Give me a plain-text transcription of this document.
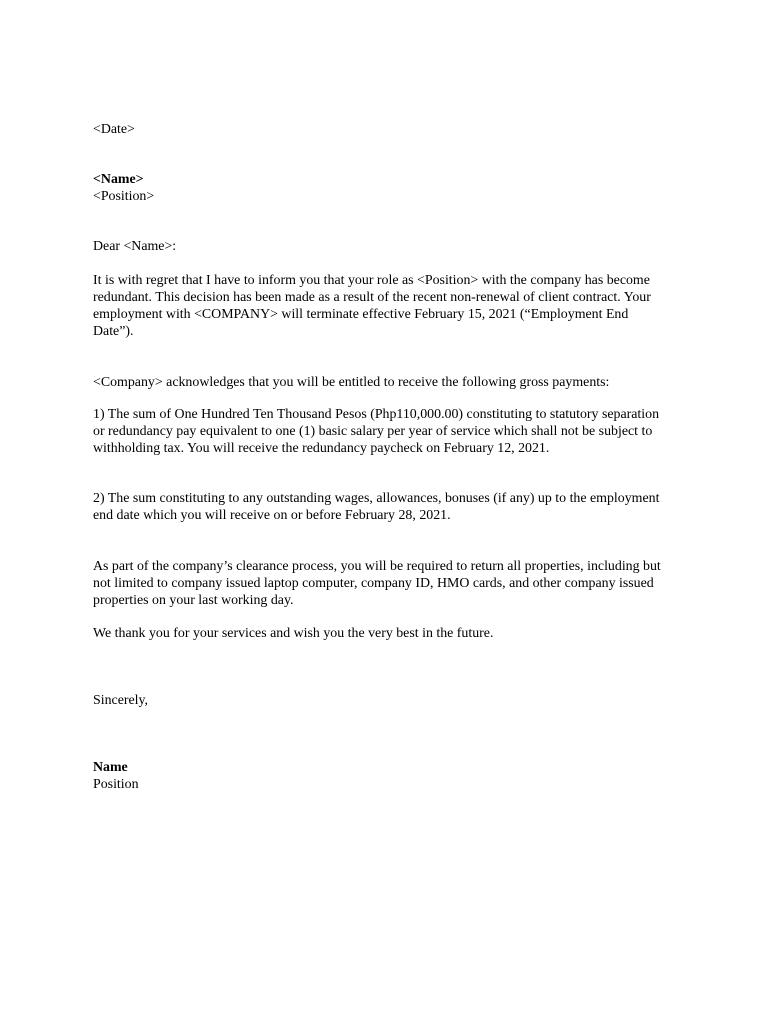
<Date>

<Name>

<Position>

Dear <Name>:

It is with regret that I have to inform you that your role as <Position> with the company has become redundant. This decision has been made as a result of the recent non-renewal of client contract. Your employment with <COMPANY> will terminate effective February 15, 2021 (“Employment End Date”).

<Company> acknowledges that you will be entitled to receive the following gross payments:

1) The sum of One Hundred Ten Thousand Pesos (Php110,000.00) constituting to statutory separation or redundancy pay equivalent to one (1) basic salary per year of service which shall not be subject to withholding tax. You will receive the redundancy paycheck on February 12, 2021.

2) The sum constituting to any outstanding wages, allowances, bonuses (if any) up to the employment end date which you will receive on or before February 28, 2021.

As part of the company’s clearance process, you will be required to return all properties, including but not limited to company issued laptop computer, company ID, HMO cards, and other company issued properties on your last working day.

We thank you for your services and wish you the very best in the future.

Sincerely,

Name

Position
